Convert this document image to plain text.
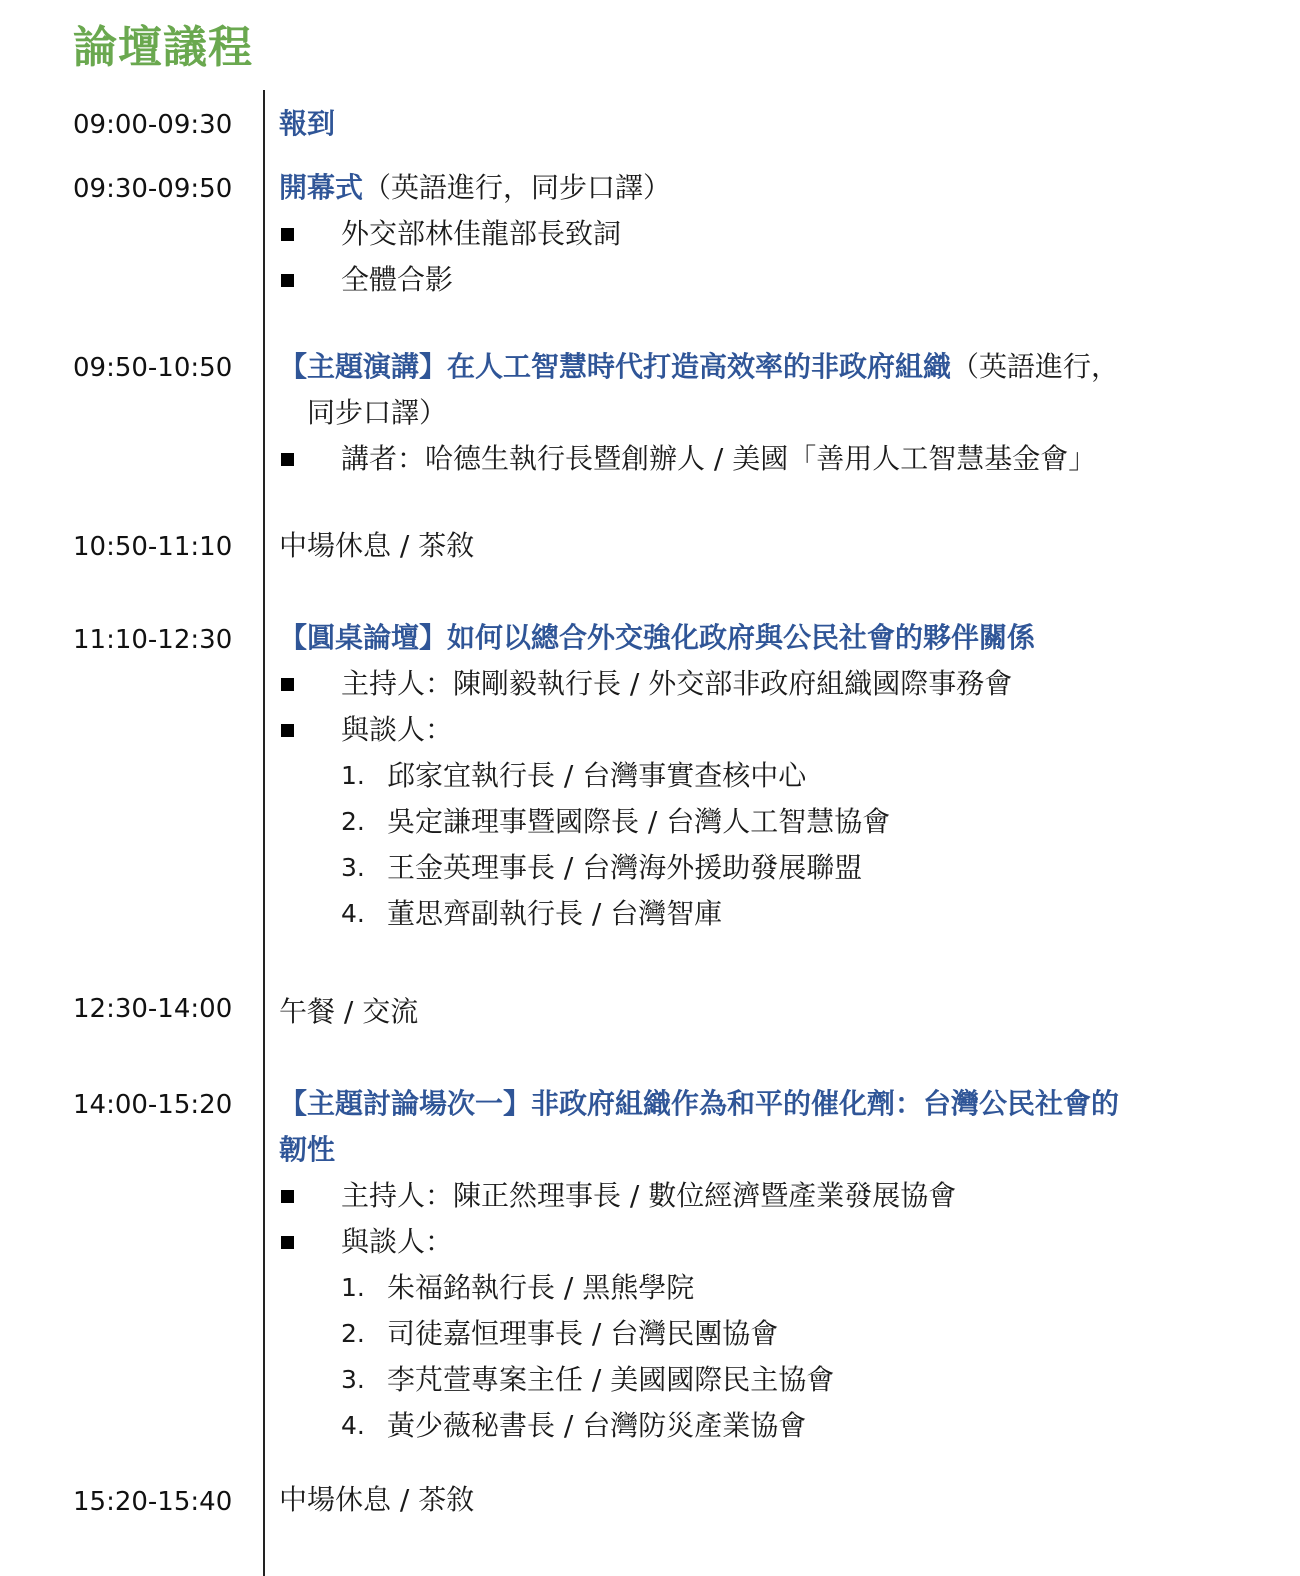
論壇議程
09:00-09:30 報到
09:30-09:50 開幕式（英語進行，同步口譯）
外交部林佳龍部長致詞
全體合影
09:50-10:50 【主題演講】在人工智慧時代打造高效率的非政府組織（英語進行，
同步口譯）
講者：哈德生執行長暨創辦人 / 美國「善用人工智慧基金會」
10:50-11:10 中場休息 / 茶敘
11:10-12:30 【圓桌論壇】如何以總合外交強化政府與公民社會的夥伴關係
主持人：陳剛毅執行長 / 外交部非政府組織國際事務會
與談人：
1. 邱家宜執行長 / 台灣事實查核中心
2. 吳定謙理事暨國際長 / 台灣人工智慧協會
3. 王金英理事長 / 台灣海外援助發展聯盟
4. 董思齊副執行長 / 台灣智庫
12:30-14:00 午餐 / 交流
14:00-15:20 【主題討論場次一】非政府組織作為和平的催化劑：台灣公民社會的
韌性
主持人：陳正然理事長 / 數位經濟暨產業發展協會
與談人：
1. 朱福銘執行長 / 黑熊學院
2. 司徒嘉恒理事長 / 台灣民團協會
3. 李芃萱專案主任 / 美國國際民主協會
4. 黃少薇秘書長 / 台灣防災產業協會
15:20-15:40 中場休息 / 茶敘
